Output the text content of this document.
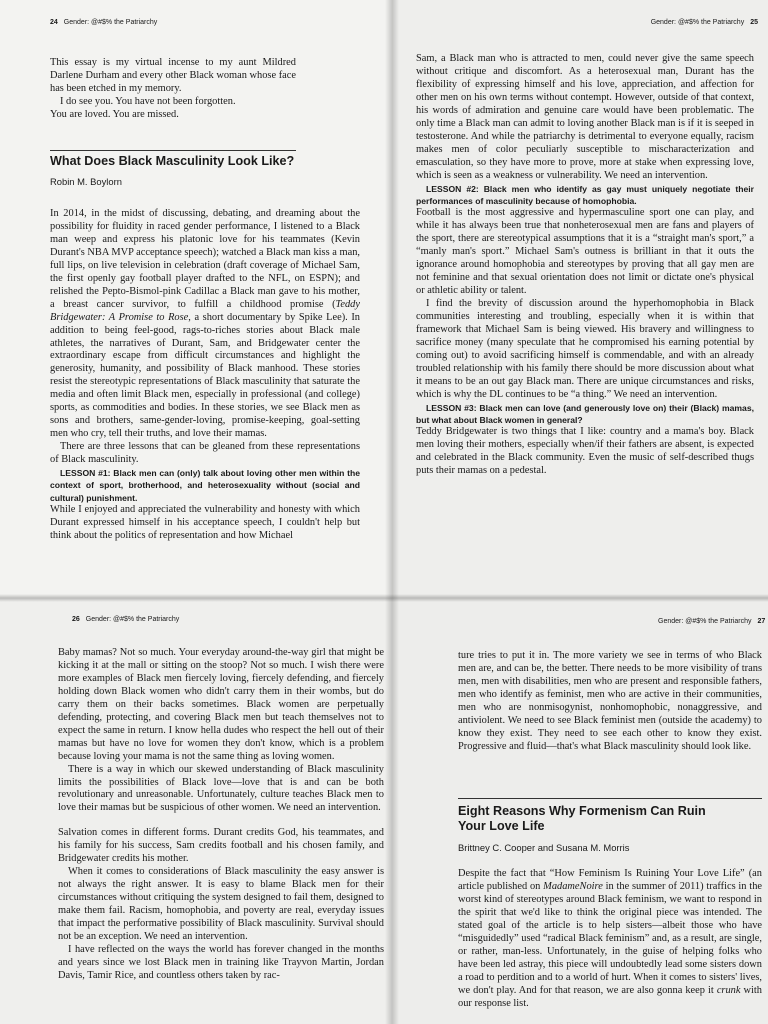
24 Gender: @#$% the Patriarchy

This essay is my virtual incense to my aunt Mildred Darlene Durham and every other Black woman whose face has been etched in my memory.

I do see you. You have not been forgotten.

You are loved. You are missed.

What Does Black Masculinity Look Like?
Robin M. Boylorn

In 2014, in the midst of discussing, debating, and dreaming about the possibility for fluidity in raced gender performance, I listened to a Black man weep and express his platonic love for his teammates (Kevin Durant's NBA MVP acceptance speech); watched a Black man kiss a man, full lips, on live television in celebration (draft coverage of Michael Sam, the first openly gay football player drafted to the NFL, on ESPN); and relished the Pepto-Bismol-pink Cadillac a Black man gave to his mother, a breast cancer survivor, to fulfill a childhood promise (Teddy Bridgewater: A Promise to Rose, a short documentary by Spike Lee). In addition to being feel-good, rags-to-riches stories about Black male athletes, the narratives of Durant, Sam, and Bridgewater center the extraordinary escape from difficult circumstances and highlight the generosity, humanity, and possibility of Black manhood. These stories resist the stereotypic representations of Black masculinity that saturate the media and often limit Black men, especially in professional (and college) sports, as commodities and bodies. In these stories, we see Black men as sons and brothers, same-gender-loving, promise-keeping, goal-setting men who cry, tell their truths, and love their mamas.

There are three lessons that can be gleaned from these representations of Black masculinity.

LESSON #1: Black men can (only) talk about loving other men within the context of sport, brotherhood, and heterosexuality without (social and cultural) punishment.

While I enjoyed and appreciated the vulnerability and honesty with which Durant expressed himself in his acceptance speech, I couldn't help but think about the politics of representation and how Michael

Gender: @#$% the Patriarchy 25

Sam, a Black man who is attracted to men, could never give the same speech without critique and discomfort. As a heterosexual man, Durant has the flexibility of expressing himself and his love, appreciation, and affection for other men on his own terms without contempt. However, outside of that context, his words of admiration and genuine care would have been problematic. The only time a Black man can admit to loving another Black man is if it is seeped in testosterone. And while the patriarchy is detrimental to everyone equally, racism makes men of color peculiarly susceptible to mischaracterization and emasculation, so they have more to prove, more at stake when expressing love, which is seen as a weakness or vulnerability. We need an intervention.

LESSON #2: Black men who identify as gay must uniquely negotiate their performances of masculinity because of homophobia.

Football is the most aggressive and hypermasculine sport one can play, and while it has always been true that nonheterosexual men are fans and players of the sport, there are stereotypical assumptions that it is a “straight man's sport,” a “manly man's sport.” Michael Sam's outness is brilliant in that it outs the ignorance around homophobia and stereotypes by proving that all gay men are not feminine and that sexual orientation does not limit or dictate one's physical or athletic ability or talent.

I find the brevity of discussion around the hyperhomophobia in Black communities interesting and troubling, especially when it is within that framework that Michael Sam is being viewed. His bravery and willingness to sacrifice money (many speculate that he compromised his earning potential by coming out) to avoid sacrificing himself is commendable, and with an already troubled relationship with his family there should be more discussion about what it means to be an out gay Black man. There are unique circumstances and risks, which is why the DL continues to be “a thing.” We need an intervention.

LESSON #3: Black men can love (and generously love on) their (Black) mamas, but what about Black women in general?

Teddy Bridgewater is two things that I like: country and a mama's boy. Black men loving their mothers, especially when/if their fathers are absent, is expected and celebrated in the Black community. Even the music of self-described thugs puts their mamas on a pedestal.

26 Gender: @#$% the Patriarchy

Baby mamas? Not so much. Your everyday around-the-way girl that might be kicking it at the mall or sitting on the stoop? Not so much. I wish there were more examples of Black men fiercely loving, fiercely defending, and fiercely holding down Black women who didn't carry them in their wombs, but do carry them on their backs sometimes. Black women are perpetually defending, protecting, and covering Black men but teach themselves not to expect the same in return. I know hella dudes who respect the hell out of their mamas but have no love for women they don't know, which is a problem because loving your mama is not the same thing as loving women.

There is a way in which our skewed understanding of Black masculinity limits the possibilities of Black love—love that is and can be both revolutionary and unreasonable. Unfortunately, culture teaches Black men to love their mamas but be suspicious of other women. We need an intervention.

Salvation comes in different forms. Durant credits God, his teammates, and his family for his success, Sam credits football and his chosen family, and Bridgewater credits his mother.

When it comes to considerations of Black masculinity the easy answer is not always the right answer. It is easy to blame Black men for their circumstances without critiquing the system designed to fail them, designed to make them fail. Racism, homophobia, and poverty are real, everyday issues that impact the performative possibility of Black masculinity. Survival should not be an exception. We need an intervention.

I have reflected on the ways the world has forever changed in the months and years since we lost Black men in training like Trayvon Martin, Jordan Davis, Tamir Rice, and countless others taken by rac-

Gender: @#$% the Patriarchy 27

ture tries to put it in. The more variety we see in terms of who Black men are, and can be, the better. There needs to be more visibility of trans men, men with disabilities, men who are present and responsible fathers, men who identify as feminist, men who are active in their communities, men who are nonmisogynist, nonhomophobic, nonaggressive, and antiviolent. We need to see Black feminist men (outside the academy) to know they exist. They need to see each other to know they exist. Progressive and fluid—that's what Black masculinity should look like.

Eight Reasons Why Formenism Can Ruin Your Love Life
Brittney C. Cooper and Susana M. Morris

Despite the fact that “How Feminism Is Ruining Your Love Life” (an article published on MadameNoire in the summer of 2011) traffics in the worst kind of stereotypes around Black feminism, we want to respond in the spirit that we'd like to think the original piece was intended. The stated goal of the article is to help sisters—albeit those who have “misguidedly” used “radical Black feminism” and, as a result, are single, or rather, man-less. Unfortunately, in the guise of helping folks who have been led astray, this piece will undoubtedly lead some sisters down a road to perdition and to a world of hurt. When it comes to sisters' lives, we don't play. And for that reason, we are also gonna keep it crunk with our response list.
